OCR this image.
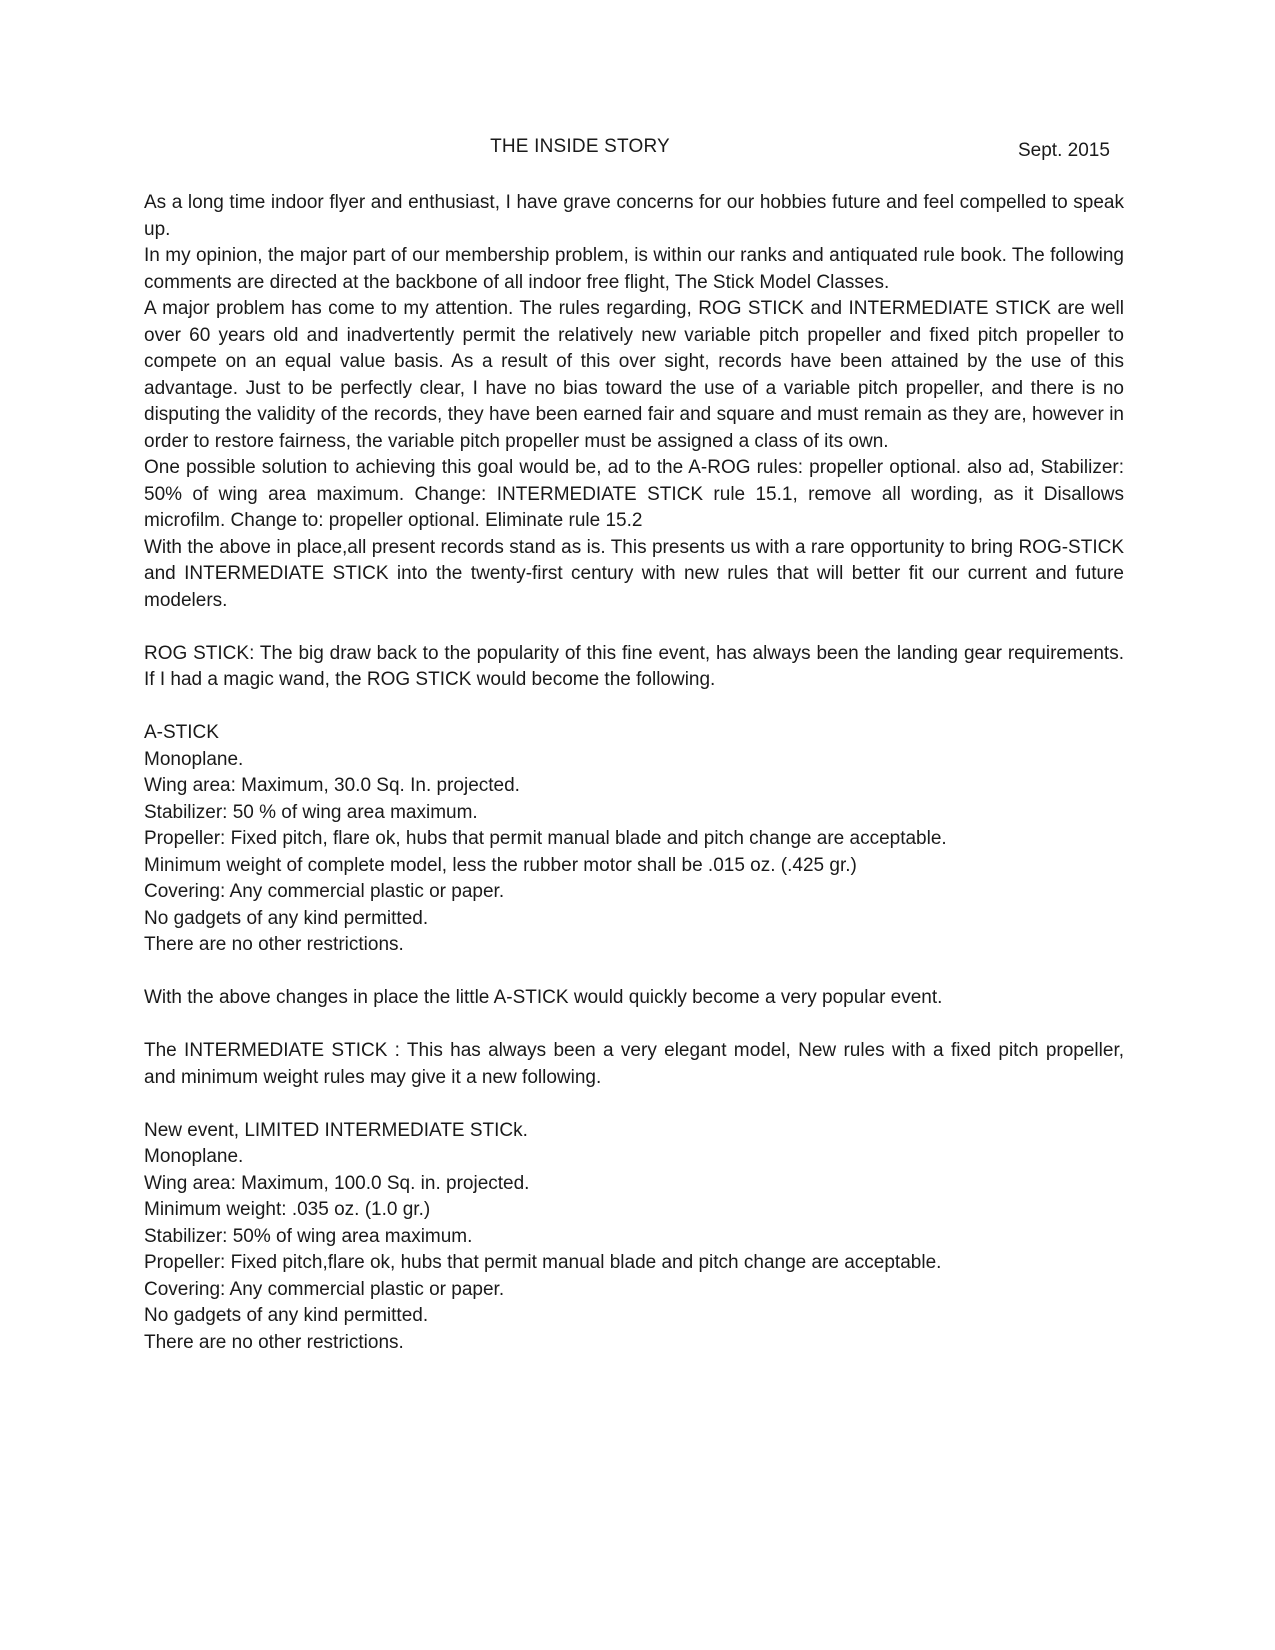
THE INSIDE STORY	Sept. 2015

As a long time indoor flyer and enthusiast, I have grave concerns for our hobbies future and feel compelled to speak up.

In my opinion, the major part of our membership problem, is within our ranks and antiquated rule book. The following comments are directed at the backbone of all indoor free flight, The Stick Model Classes.

A major problem has come to my attention. The rules regarding, ROG STICK and INTERMEDIATE STICK are well over 60 years old and inadvertently permit the relatively new variable pitch propeller and fixed pitch propeller to compete on an equal value basis. As a result of this over sight, records have been attained by the use of this advantage. Just to be perfectly clear, I have no bias toward the use of a variable pitch propeller, and there is no disputing the validity of the records, they have been earned fair and square and must remain as they are, however in order to restore fairness, the variable pitch propeller must be assigned a class of its own.

One possible solution to achieving this goal would be, ad to the A-ROG rules: propeller optional. also ad, Stabilizer: 50% of wing area maximum. Change: INTERMEDIATE STICK rule 15.1, remove all wording, as it Disallows microfilm. Change to: propeller optional. Eliminate rule 15.2

With the above in place,all present records stand as is. This presents us with a rare opportunity to bring ROG-STICK and INTERMEDIATE STICK into the twenty-first century with new rules that will better fit our current and future modelers.

ROG STICK: The big draw back to the popularity of this fine event, has always been the landing gear requirements. If I had a magic wand, the ROG STICK would become the following.

A-STICK

Monoplane.

Wing area: Maximum, 30.0 Sq. In. projected.

Stabilizer: 50 % of wing area maximum.

Propeller: Fixed pitch, flare ok, hubs that permit manual blade and pitch change are acceptable.

Minimum weight of complete model, less the rubber motor shall be .015 oz. (.425 gr.)

Covering: Any commercial plastic or paper.

No gadgets of any kind permitted.

There are no other restrictions.

With the above changes in place the little A-STICK would quickly become a very popular event.

The INTERMEDIATE STICK : This has always been a very elegant model, New rules with a fixed pitch propeller, and minimum weight rules may give it a new following.

New event, LIMITED INTERMEDIATE STICk.

Monoplane.

Wing area: Maximum, 100.0 Sq. in. projected.

Minimum weight: .035 oz. (1.0 gr.)

Stabilizer: 50% of wing area maximum.

Propeller: Fixed pitch,flare ok, hubs that permit manual blade and pitch change are acceptable.

Covering: Any commercial plastic or paper.

No gadgets of any kind permitted.

There are no other restrictions.
